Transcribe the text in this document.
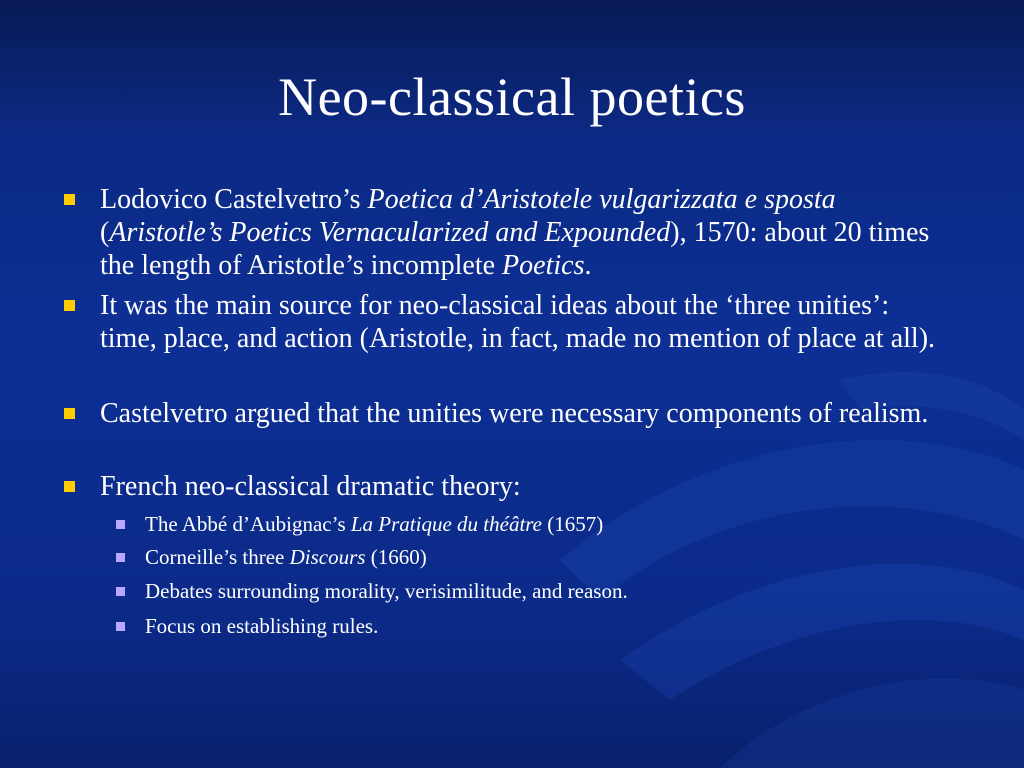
Neo-classical poetics
Lodovico Castelvetro’s Poetica d’Aristotele vulgarizzata e sposta (Aristotle’s Poetics Vernacularized and Expounded), 1570: about 20 times the length of Aristotle’s incomplete Poetics.
It was the main source for neo-classical ideas about the ‘three unities’: time, place, and action (Aristotle, in fact, made no mention of place at all).
Castelvetro argued that the unities were necessary components of realism.
French neo-classical dramatic theory:
The Abbé d’Aubignac’s La Pratique du théâtre (1657)
Corneille’s three Discours (1660)
Debates surrounding morality, verisimilitude, and reason.
Focus on establishing rules.
